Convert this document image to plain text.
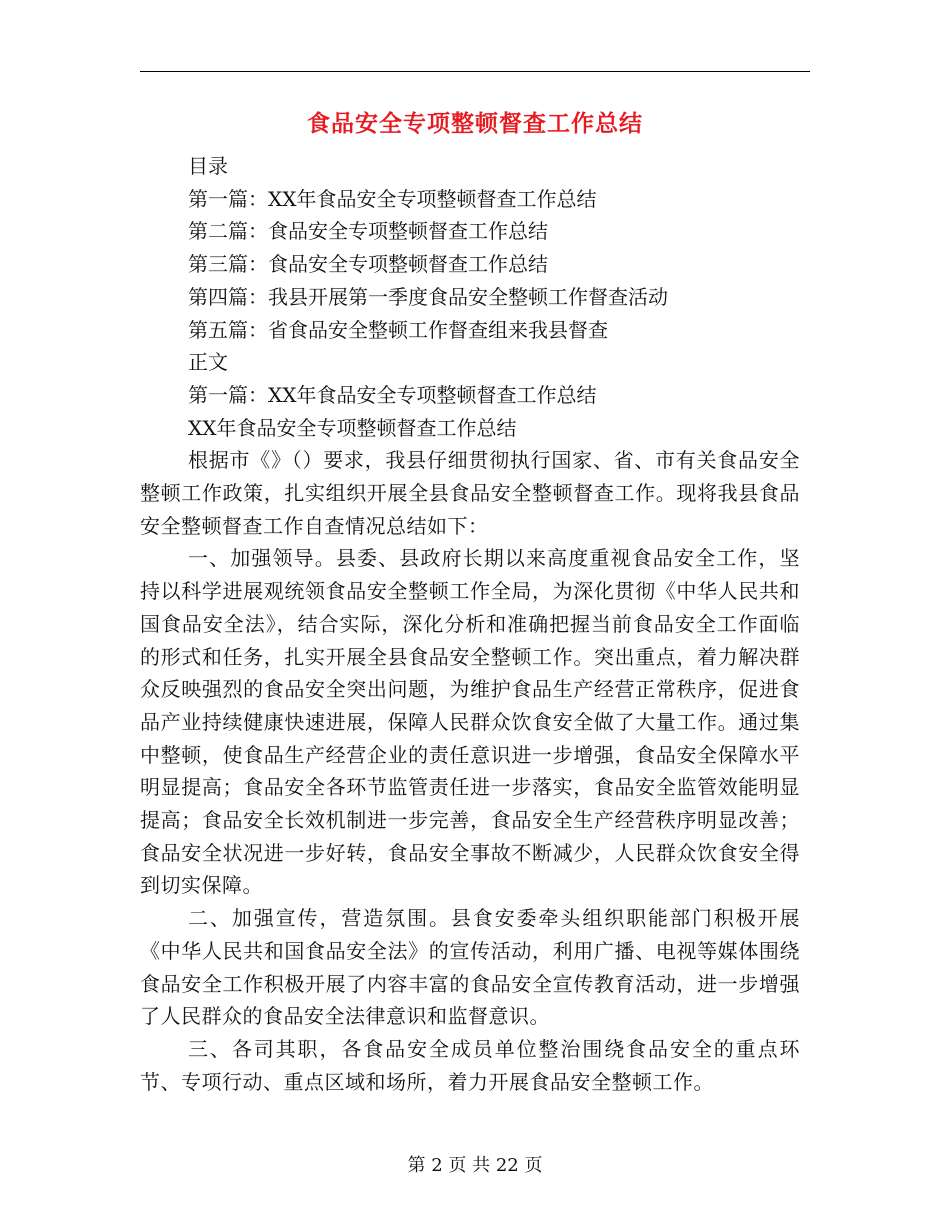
食品安全专项整顿督查工作总结

目录

第一篇：XX年食品安全专项整顿督查工作总结

第二篇：食品安全专项整顿督查工作总结

第三篇：食品安全专项整顿督查工作总结

第四篇：我县开展第一季度食品安全整顿工作督查活动

第五篇：省食品安全整顿工作督查组来我县督查

正文

第一篇：XX年食品安全专项整顿督查工作总结

XX年食品安全专项整顿督查工作总结

根据市《》（）要求，我县仔细贯彻执行国家、省、市有关食品安全整顿工作政策，扎实组织开展全县食品安全整顿督查工作。现将我县食品安全整顿督查工作自查情况总结如下：

一、加强领导。县委、县政府长期以来高度重视食品安全工作，坚持以科学进展观统领食品安全整顿工作全局，为深化贯彻《中华人民共和国食品安全法》，结合实际，深化分析和准确把握当前食品安全工作面临的形式和任务，扎实开展全县食品安全整顿工作。突出重点，着力解决群众反映强烈的食品安全突出问题，为维护食品生产经营正常秩序，促进食品产业持续健康快速进展，保障人民群众饮食安全做了大量工作。通过集中整顿，使食品生产经营企业的责任意识进一步增强，食品安全保障水平明显提高；食品安全各环节监管责任进一步落实，食品安全监管效能明显提高；食品安全长效机制进一步完善，食品安全生产经营秩序明显改善；食品安全状况进一步好转，食品安全事故不断减少，人民群众饮食安全得到切实保障。

二、加强宣传，营造氛围。县食安委牵头组织职能部门积极开展《中华人民共和国食品安全法》的宣传活动，利用广播、电视等媒体围绕食品安全工作积极开展了内容丰富的食品安全宣传教育活动，进一步增强了人民群众的食品安全法律意识和监督意识。

三、各司其职，各食品安全成员单位整治围绕食品安全的重点环节、专项行动、重点区域和场所，着力开展食品安全整顿工作。

第 2 页 共 22 页
